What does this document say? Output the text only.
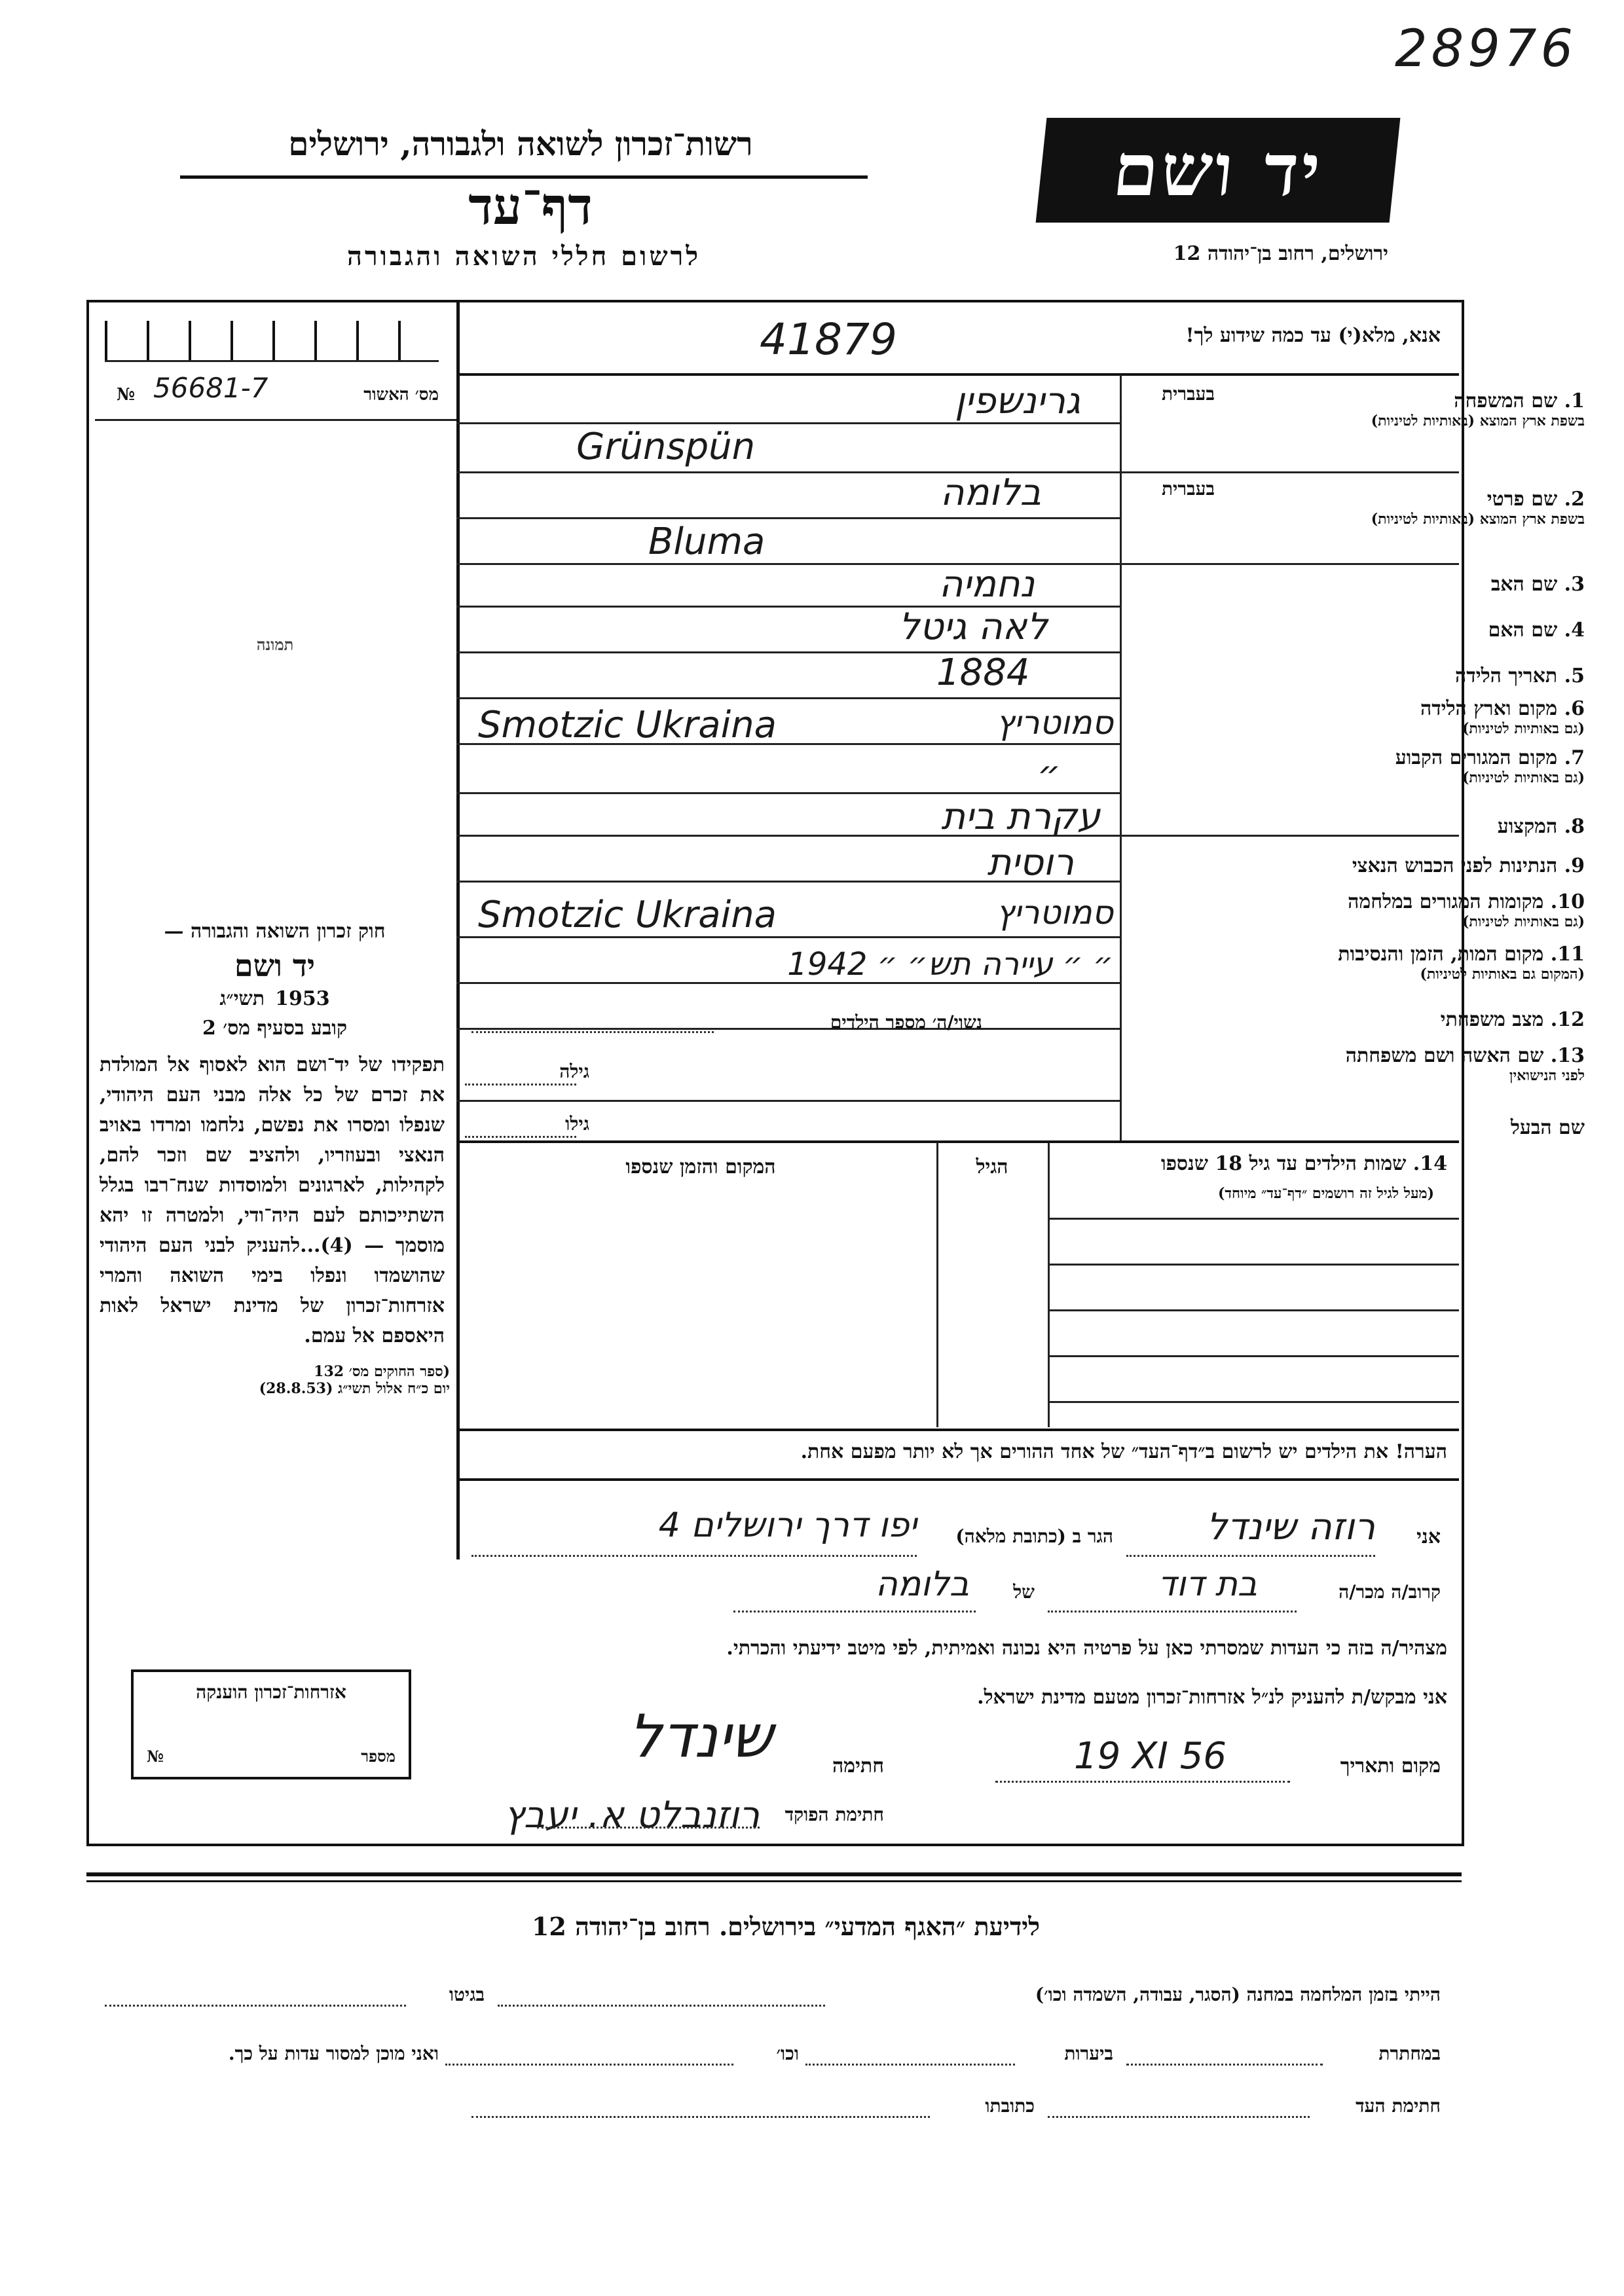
28976
רשות־זכרון לשואה ולגבורה, ירושלים
דף־עד
לרשום חללי השואה והגבורה
יד ושם
ירושלים, רחוב בן־יהודה 12
מס׳ האשור
№ 56681-7
תמונה
חוק זכרון השואה והגבורה —
יד ושם
תשי״ג 1953
קובע בסעיף מס׳ 2
תפקידו של יד־ושם הוא לאסוף אל המולדת את זכרם של כל אלה מבני העם היהודי, שנפלו ומסרו את נפשם, נלחמו ומרדו באויב הנאצי ובעוזריו, ולהציב שם וזכר להם, לקהילות, לארגונים ולמוסדות שנח־רבו בגלל השתייכותם לעם היה־ודי, ולמטרה זו יהא מוסמך — (4)...להעניק לבני העם היהודי שהושמדו ונפלו בימי השואה והמרי אזרחות־זכרון של מדינת ישראל לאות היאספם אל עמם.
(ספר החוקים מס׳ 132
יום כ״ח אלול תשי״ג (28.8.53)
אנא, מלא(י) עד כמה שידוע לך!
41879
1. שם המשפחה
בשפת ארץ המוצא (באותיות לטיניות)
בעברית
גרינשפין
Grünspün
2. שם פרטי
בשפת ארץ המוצא (באותיות לטיניות)
בעברית
בלומה
Bluma
3. שם האב
נחמיה
4. שם האם
לאה גיטל
5. תאריך הלידה
1884
6. מקום וארץ הלידה
(גם באותיות לטיניות)
סמוטריץ
Smotzic Ukraina
7. מקום המגורים הקבוע
(גם באותיות לטיניות)
״
8. המקצוע
עקרת בית
9. הנתינות לפני הכבוש הנאצי
רוסית
10. מקומות המגורים במלחמה
(גם באותיות לטיניות)
סמוטריץ
Smotzic Ukraina
11. מקום המות, הזמן והנסיבות
(המקום גם באותיות לטיניות)
״ ״ עיירה תש״ ״ 1942
12. מצב משפחתי
נשוי/ה׳ מספר הילדים
13. שם האשה ושם משפחתה
לפני הנישואין
גילה
שם הבעל
גילו
14. שמות הילדים עד גיל 18 שנספו
(מעל לגיל זה רושמים ״דף־עד״ מיוחד)
הגיל
המקום והזמן שנספו
הערה! את הילדים יש לרשום ב״דף־העד״ של אחד ההורים אך לא יותר מפעם אחת.
אני
רוזה שינדל
הגר ב (כתובת מלאה)
יפו דרך ירושלים 4
קרוב/ה מכר/ה
בת דוד
של
בלומה
מצהיר/ה בזה כי העדות שמסרתי כאן על פרטיה היא נכונה ואמיתית, לפי מיטב ידיעתי והכרתי.
אני מבקש/ת להעניק לנ״ל אזרחות־זכרון מטעם מדינת ישראל.
מקום ותאריך
19 XI 56
חתימה
שינדל
חתימת הפוקד
רוזנבלט א. יעבץ
אזרחות־זכרון הוענקה
№	מספר
לידיעת ״האגף המדעי״ בירושלים. רחוב בן־יהודה 12
הייתי בזמן המלחמה במחנה (הסגר, עבודה, השמדה וכו׳)
בגיטו
במחתרת
ביערות
וכו׳
ואני מוכן למסור עדות על כך.
חתימת העד
כתובתו
